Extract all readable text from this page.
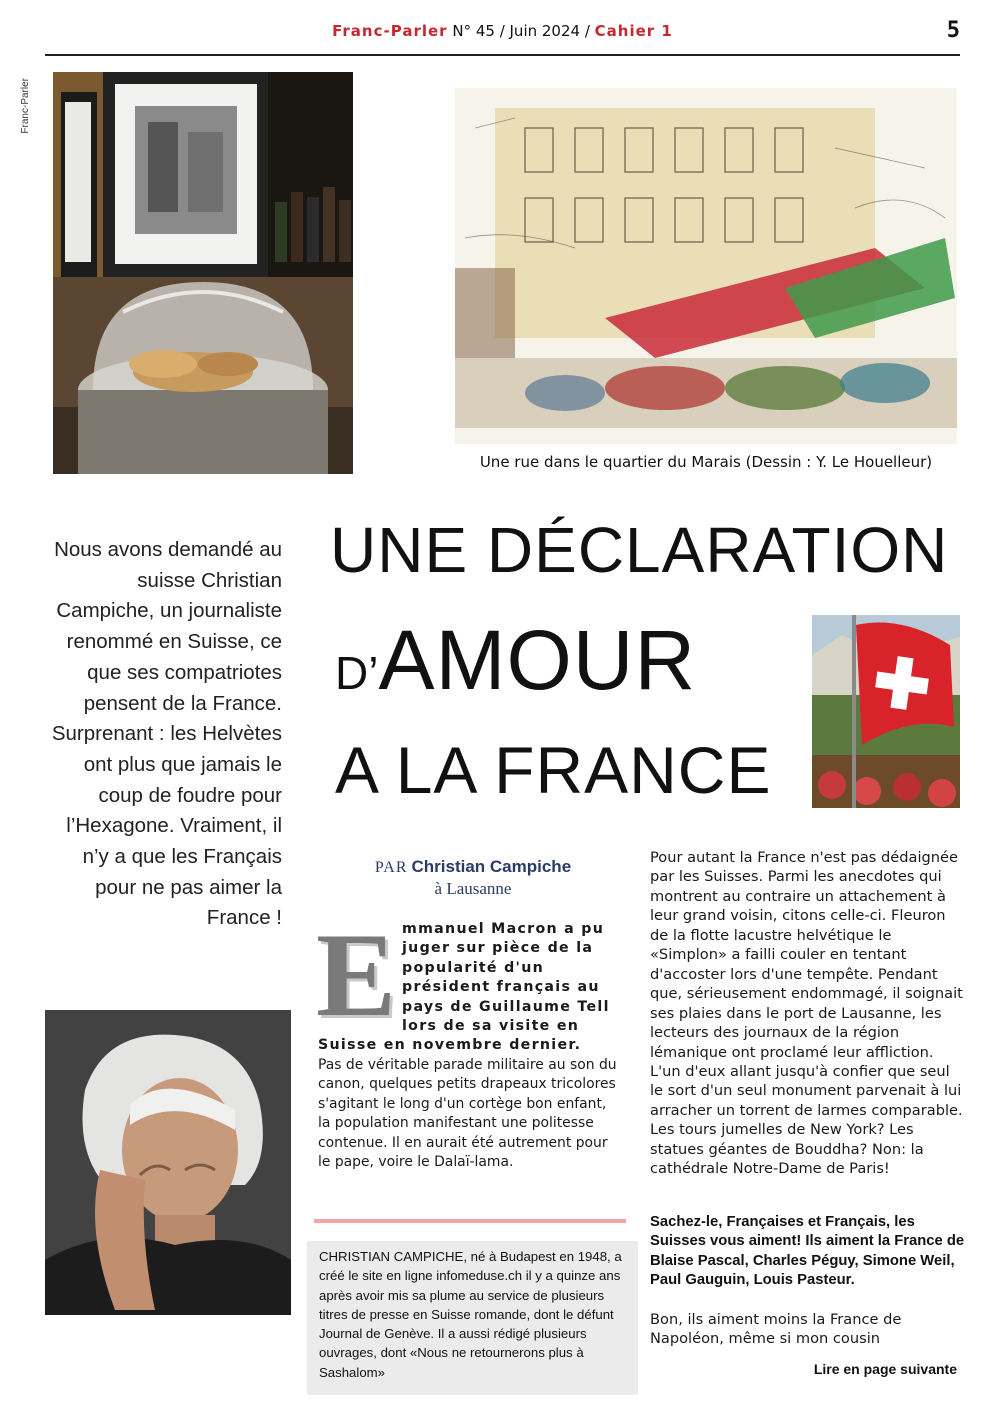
Franc-Parler N° 45 / Juin 2024 / Cahier 1	5
Franc-Parler
Une rue dans le quartier du Marais (Dessin : Y. Le Houelleur)
Nous avons demandé au suisse Christian Campiche, un journaliste renommé en Suisse, ce que ses compatriotes pensent de la France. Surprenant : les Helvètes ont plus que jamais le coup de foudre pour l’Hexagone. Vraiment, il n’y a que les Français pour ne pas aimer la France !
UNE DÉCLARATION
D’AMOUR
A LA FRANCE
PAR Christian Campiche
à Lausanne
E mmanuel Macron a pu juger sur pièce de la popularité d'un président français au pays de Guillaume Tell lors de sa visite en Suisse en novembre dernier.
Pas de véritable parade militaire au son du canon, quelques petits drapeaux tricolores s'agitant le long d'un cortège bon enfant, la population manifestant une politesse contenue. Il en aurait été autrement pour le pape, voire le Dalaï-lama.
CHRISTIAN CAMPICHE, né à Budapest en 1948, a créé le site en ligne infomeduse.ch il y a quinze ans après avoir mis sa plume au service de plusieurs titres de presse en Suisse romande, dont le défunt Journal de Genève. Il a aussi rédigé plusieurs ouvrages, dont «Nous ne retournerons plus à Sashalom»
Pour autant la France n'est pas dédaignée par les Suisses. Parmi les anecdotes qui montrent au contraire un attachement à leur grand voisin, citons celle-ci. Fleuron de la flotte lacustre helvétique le «Simplon» a failli couler en tentant d'accoster lors d'une tempête. Pendant que, sérieusement endommagé, il soignait ses plaies dans le port de Lausanne, les lecteurs des journaux de la région lémanique ont proclamé leur affliction. L'un d'eux allant jusqu'à confier que seul le sort d'un seul monument parvenait à lui arracher un torrent de larmes comparable. Les tours jumelles de New York? Les statues géantes de Bouddha? Non: la cathédrale Notre-Dame de Paris!
Sachez-le, Françaises et Français, les Suisses vous aiment! Ils aiment la France de Blaise Pascal, Charles Péguy, Simone Weil, Paul Gauguin, Louis Pasteur.
Bon, ils aiment moins la France de Napoléon, même si mon cousin
Lire en page suivante
